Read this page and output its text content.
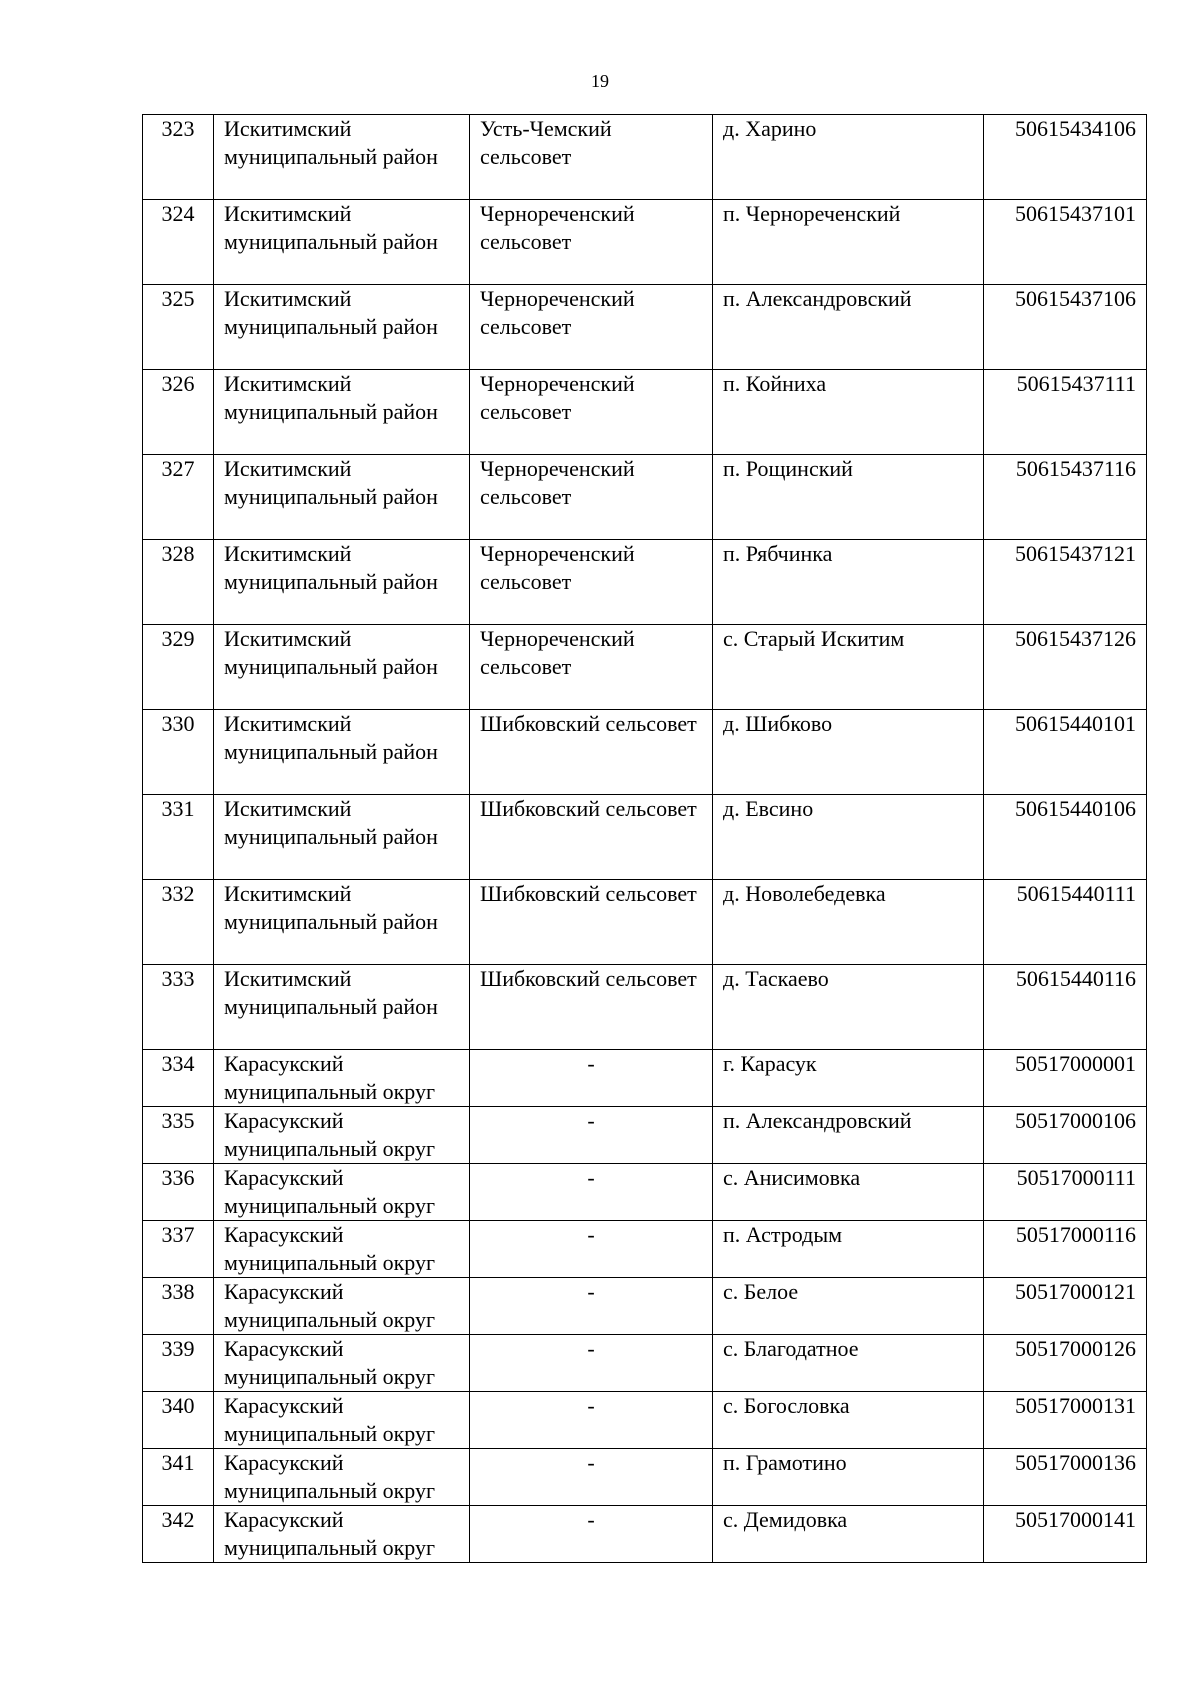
19
323	Искитимский муниципальный район	Усть-Чемский сельсовет	д. Харино	50615434106
324	Искитимский муниципальный район	Чернореченский сельсовет	п. Чернореченский	50615437101
325	Искитимский муниципальный район	Чернореченский сельсовет	п. Александровский	50615437106
326	Искитимский муниципальный район	Чернореченский сельсовет	п. Койниха	50615437111
327	Искитимский муниципальный район	Чернореченский сельсовет	п. Рощинский	50615437116
328	Искитимский муниципальный район	Чернореченский сельсовет	п. Рябчинка	50615437121
329	Искитимский муниципальный район	Чернореченский сельсовет	с. Старый Искитим	50615437126
330	Искитимский муниципальный район	Шибковский сельсовет	д. Шибково	50615440101
331	Искитимский муниципальный район	Шибковский сельсовет	д. Евсино	50615440106
332	Искитимский муниципальный район	Шибковский сельсовет	д. Новолебедевка	50615440111
333	Искитимский муниципальный район	Шибковский сельсовет	д. Таскаево	50615440116
334	Карасукский муниципальный округ	-	г. Карасук	50517000001
335	Карасукский муниципальный округ	-	п. Александровский	50517000106
336	Карасукский муниципальный округ	-	с. Анисимовка	50517000111
337	Карасукский муниципальный округ	-	п. Астродым	50517000116
338	Карасукский муниципальный округ	-	с. Белое	50517000121
339	Карасукский муниципальный округ	-	с. Благодатное	50517000126
340	Карасукский муниципальный округ	-	с. Богословка	50517000131
341	Карасукский муниципальный округ	-	п. Грамотино	50517000136
342	Карасукский муниципальный округ	-	с. Демидовка	50517000141
